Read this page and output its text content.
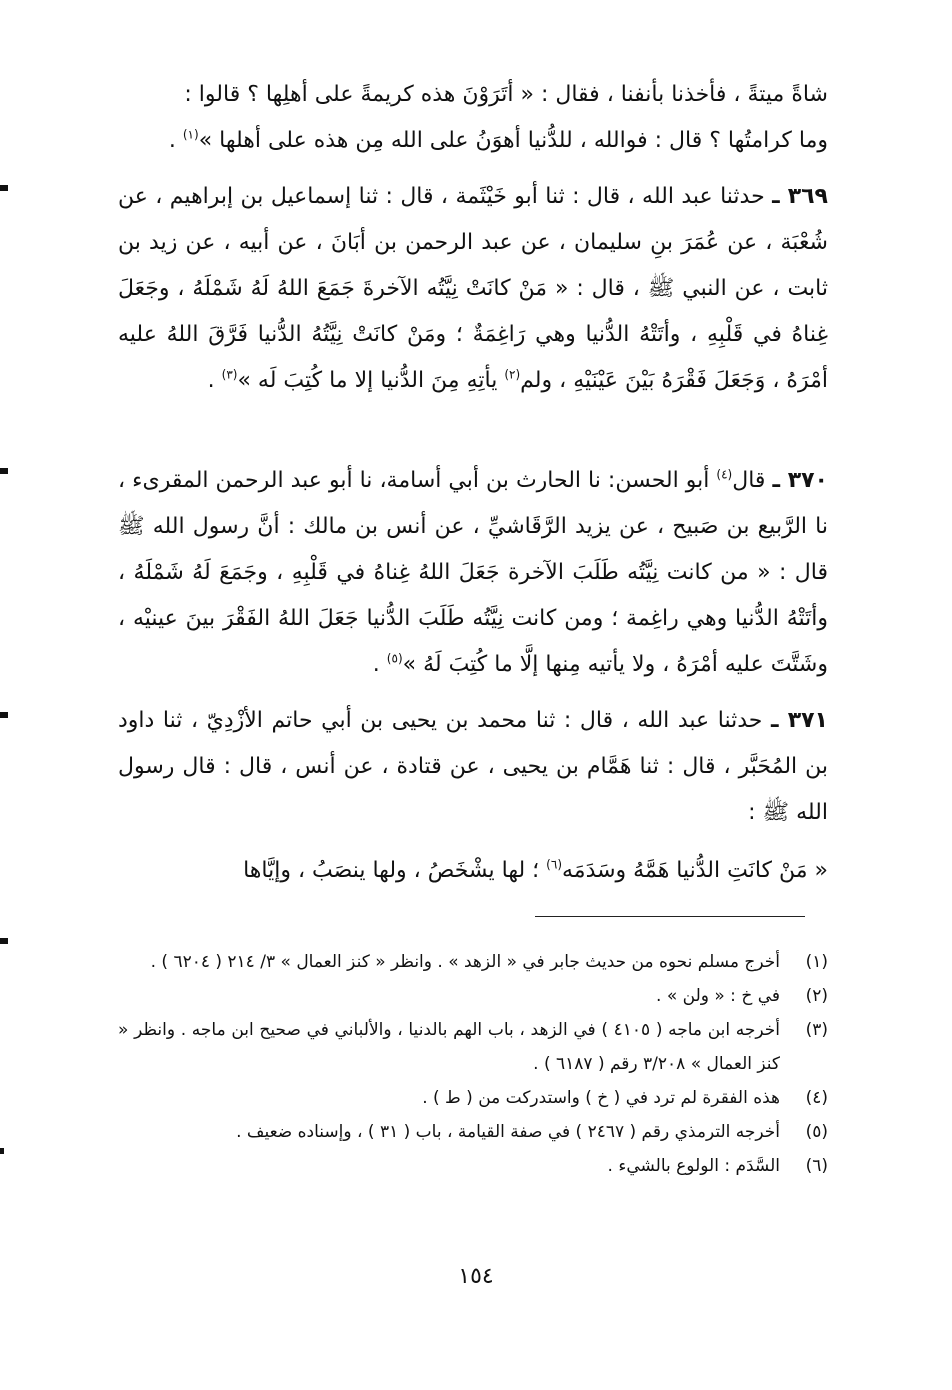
شاةً ميتةً ، فأخذنا بأنفنا ، فقال : « أتَرَوْنَ هذه كريمةً على أهلِها ؟ قالوا :
وما كرامتُها ؟ قال : فوالله ، للدُّنيا أهوَنُ على الله مِن هذه على أهلها »$^{(١)}$ .

٣٦٩ ـ حدثنا عبد الله ، قال : ثنا أبو خَيْثَمة ، قال : ثنا إسماعيل بن إبراهيم ، عن شُعْبَة ، عن عُمَرَ بنِ سليمان ، عن عبد الرحمن بن أبَانَ ، عن أبيه ، عن زيد بن ثابت ، عن النبي ﷺ ، قال : « مَنْ كانَتْ نِيَّتُه الآخرةَ جَمَعَ اللهُ لَهُ شَمْلَهُ ، وجَعَلَ غِناهُ في قَلْبِهِ ، وأتَتْهُ الدُّنيا وهي رَاغِمَةٌ ؛ ومَنْ كانَتْ نِيَّتُهُ الدُّنيا فَرَّقَ اللهُ عليه أمْرَهُ ، وَجَعَلَ فَقْرَهُ بَيْنَ عَيْنَيْهِ ، ولم$^{(٢)}$ يأتِهِ مِنَ الدُّنيا إلا ما كُتِبَ لَه »$^{(٣)}$ .

٣٧٠ ـ قال$^{(٤)}$ أبو الحسن: نا الحارث بن أبي أسامة، نا أبو عبد الرحمن المقرىء ، نا الرَّبيع بن صَبيح ، عن يزيد الرَّقَاشيِّ ، عن أنس بن مالك : أنَّ رسول الله ﷺ قال : « من كانت نِيَّتُه طَلَبَ الآخرة جَعَلَ اللهُ غِناهُ في قَلْبِهِ ، وجَمَعَ لَهُ شَمْلَهُ ، وأتَتْهُ الدُّنيا وهي راغِمة ؛ ومن كانت نِيَّتُه طَلَبَ الدُّنيا جَعَلَ اللهُ الفَقْرَ بينَ عينيْه ، وشَتَّتَ عليه أمْرَهُ ، ولا يأتيه مِنها إلَّا ما كُتِبَ لَهُ »$^{(٥)}$ .

٣٧١ ـ حدثنا عبد الله ، قال : ثنا محمد بن يحيى بن أبي حاتم الأزْدِيّ ، ثنا داود بن المُحَبَّر ، قال : ثنا هَمَّام بن يحيى ، عن قتادة ، عن أنس ، قال : قال رسول الله ﷺ :

« مَنْ كانَتِ الدُّنيا هَمَّهُ وسَدَمَه$^{(٦)}$ ؛ لها يشْخَصُ ، ولها ينصَبُ ، وإيَّاها

(١)
أخرج مسلم نحوه من حديث جابر في « الزهد » . وانظر « كنز العمال » ٣/ ٢١٤ ( ٦٢٠٤ ) .
(٢)
في خ : « ولن » .
(٣)
أخرجه ابن ماجه ( ٤١٠٥ ) في الزهد ، باب الهم بالدنيا ، والألباني في صحيح ابن ماجه . وانظر « كنز العمال » ٣/٢٠٨ رقم ( ٦١٨٧ ) .
(٤)
هذه الفقرة لم ترد في ( خ ) واستدركت من ( ط ) .
(٥)
أخرجه الترمذي رقم ( ٢٤٦٧ ) في صفة القيامة ، باب ( ٣١ ) ، وإسناده ضعيف .
(٦)
السَّدَم : الولوع بالشيء .
١٥٤
